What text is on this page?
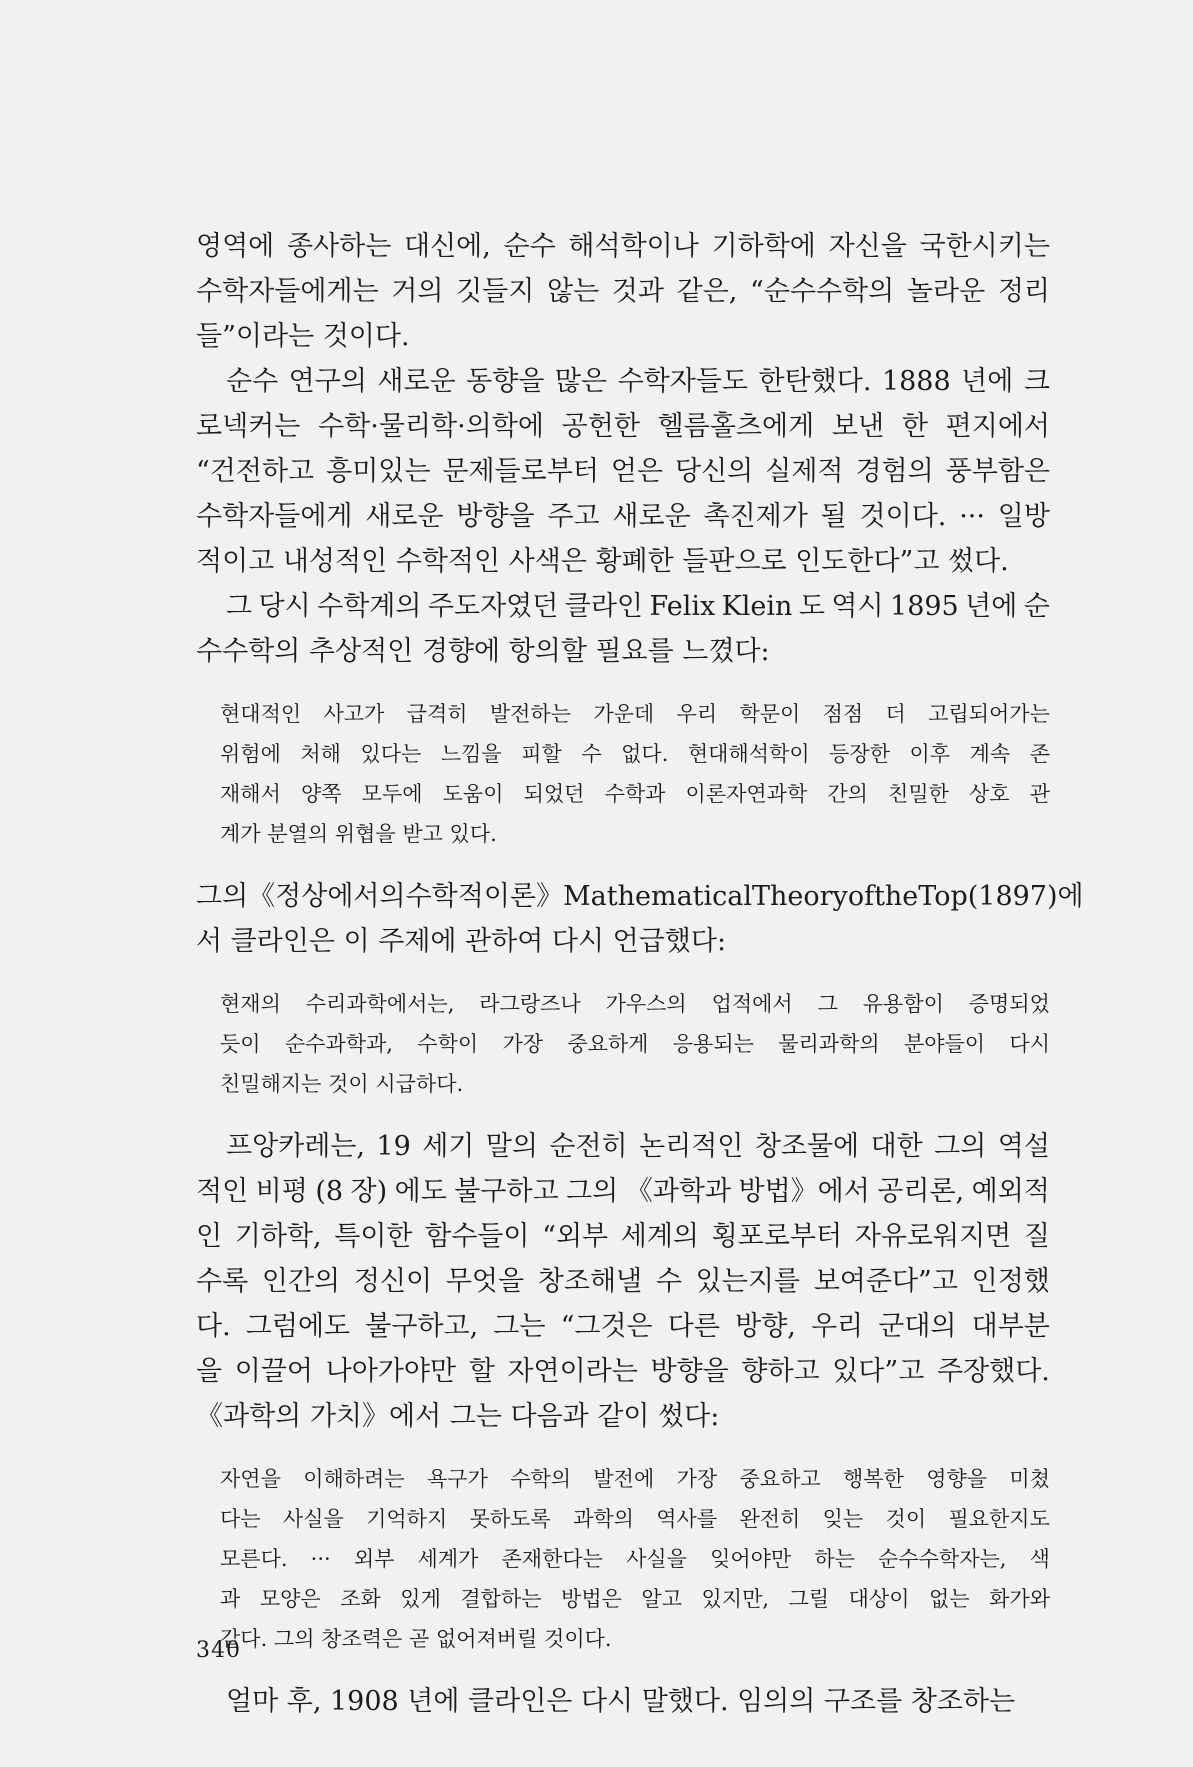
영역에 종사하는 대신에, 순수 해석학이나 기하학에 자신을 국한시키는
수학자들에게는 거의 깃들지 않는 것과 같은, “순수수학의 놀라운 정리
들”이라는 것이다.
순수 연구의 새로운 동향을 많은 수학자들도 한탄했다. 1888 년에 크
로넥커는 수학·물리학·의학에 공헌한 헬름홀츠에게 보낸 한 편지에서
“건전하고 흥미있는 문제들로부터 얻은 당신의 실제적 경험의 풍부함은
수학자들에게 새로운 방향을 주고 새로운 촉진제가 될 것이다. ··· 일방
적이고 내성적인 수학적인 사색은 황폐한 들판으로 인도한다”고 썼다.
그 당시 수학계의 주도자였던 클라인 Felix Klein 도 역시 1895 년에 순
수수학의 추상적인 경향에 항의할 필요를 느꼈다:
현대적인 사고가 급격히 발전하는 가운데 우리 학문이 점점 더 고립되어가는
위험에 처해 있다는 느낌을 피할 수 없다. 현대해석학이 등장한 이후 계속 존
재해서 양쪽 모두에 도움이 되었던 수학과 이론자연과학 간의 친밀한 상호 관
계가 분열의 위협을 받고 있다.
그의 《정상에서의 수학적 이론》 Mathematical Theory of the Top (1897) 에
서 클라인은 이 주제에 관하여 다시 언급했다:
현재의 수리과학에서는, 라그랑즈나 가우스의 업적에서 그 유용함이 증명되었
듯이 순수과학과, 수학이 가장 중요하게 응용되는 물리과학의 분야들이 다시
친밀해지는 것이 시급하다.
프앙카레는, 19 세기 말의 순전히 논리적인 창조물에 대한 그의 역설
적인 비평 (8 장) 에도 불구하고 그의 《과학과 방법》에서 공리론, 예외적
인 기하학, 특이한 함수들이 “외부 세계의 횡포로부터 자유로워지면 질
수록 인간의 정신이 무엇을 창조해낼 수 있는지를 보여준다”고 인정했
다. 그럼에도 불구하고, 그는 “그것은 다른 방향, 우리 군대의 대부분
을 이끌어 나아가야만 할 자연이라는 방향을 향하고 있다”고 주장했다.
《과학의 가치》에서 그는 다음과 같이 썼다:
자연을 이해하려는 욕구가 수학의 발전에 가장 중요하고 행복한 영향을 미쳤
다는 사실을 기억하지 못하도록 과학의 역사를 완전히 잊는 것이 필요한지도
모른다. ··· 외부 세계가 존재한다는 사실을 잊어야만 하는 순수수학자는, 색
과 모양은 조화 있게 결합하는 방법은 알고 있지만, 그릴 대상이 없는 화가와
같다. 그의 창조력은 곧 없어져버릴 것이다.
얼마 후, 1908 년에 클라인은 다시 말했다. 임의의 구조를 창조하는
340
